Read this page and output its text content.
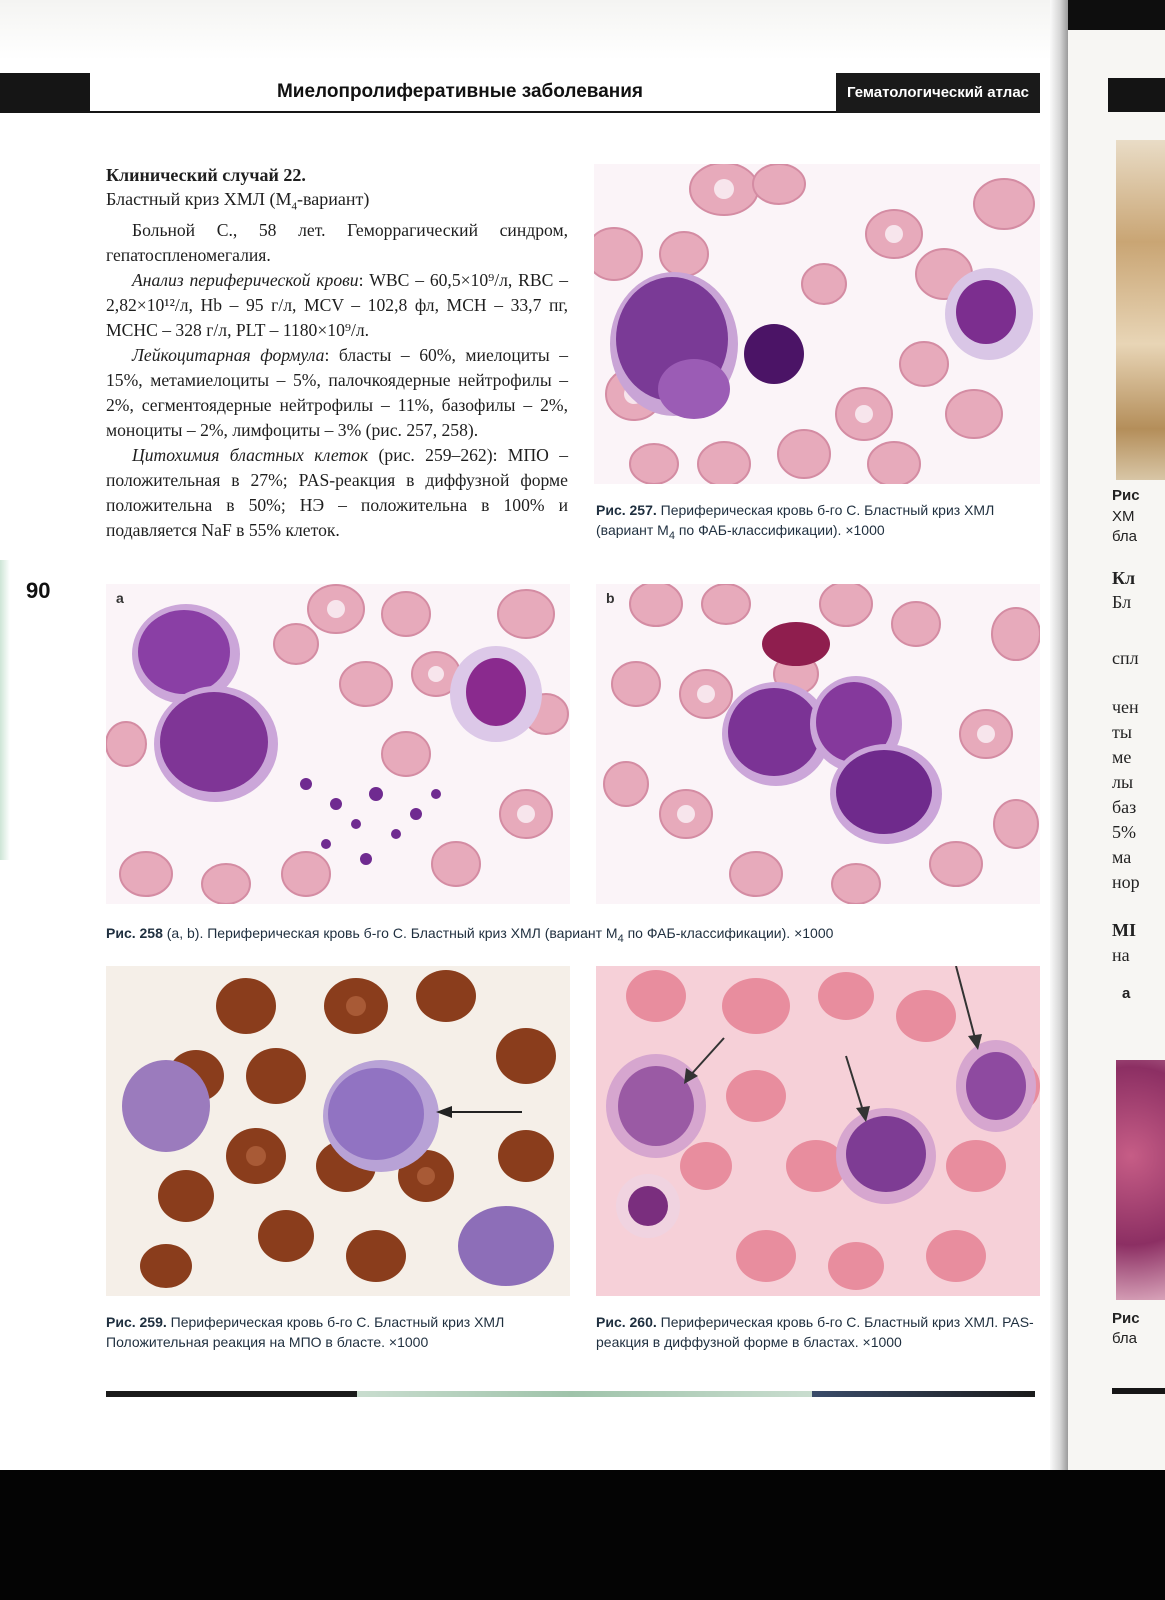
Миелопролиферативные заболевания	Гематологический атлас
90
Клинический случай 22.
Бластный криз ХМЛ $(М_4-вариант)$

Больной С., 58 лет. Геморрагический синдром, гепатоспленомегалия.

Анализ периферической крови: WBC – 60,5×10⁹/л, RBC – 2,82×10¹²/л, Hb – 95 г/л, MCV – 102,8 фл, MCH – 33,7 пг, MCHC – 328 г/л, PLT – 1180×10⁹/л.

Лейкоцитарная формула: бласты – 60%, миелоциты – 15%, метамиелоциты – 5%, палочкоядерные нейтрофилы – 2%, сегментоядерные нейтрофилы – 11%, базофилы – 2%, моноциты – 2%, лимфоциты – 3% (рис. 257, 258).

Цитохимия бластных клеток (рис. 259–262): МПО – положительная в 27%; PAS-реакция в диффузной форме положительна в 50%; НЭ – положительна в 100% и подавляется NaF в 55% клеток.

Рис. 257. Периферическая кровь б-го С. Бластный криз ХМЛ (вариант $М_4$ по ФАБ-классификации). ×1000
a	b
Рис. 258 (a, b). Периферическая кровь б-го С. Бластный криз ХМЛ (вариант $М_4$ по ФАБ-классификации). ×1000
Рис. 259. Периферическая кровь б-го С. Бластный криз ХМЛ Положительная реакция на МПО в бласте. ×1000
Рис. 260. Периферическая кровь б-го С. Бластный криз ХМЛ. PAS-реакция в диффузной форме в бластах. ×1000
Рис
ХМ
бла
Кл
Бл
спл
чен
ты
ме
лы
баз
5%
ма
нор
МІ
на
а
Рис
бла
